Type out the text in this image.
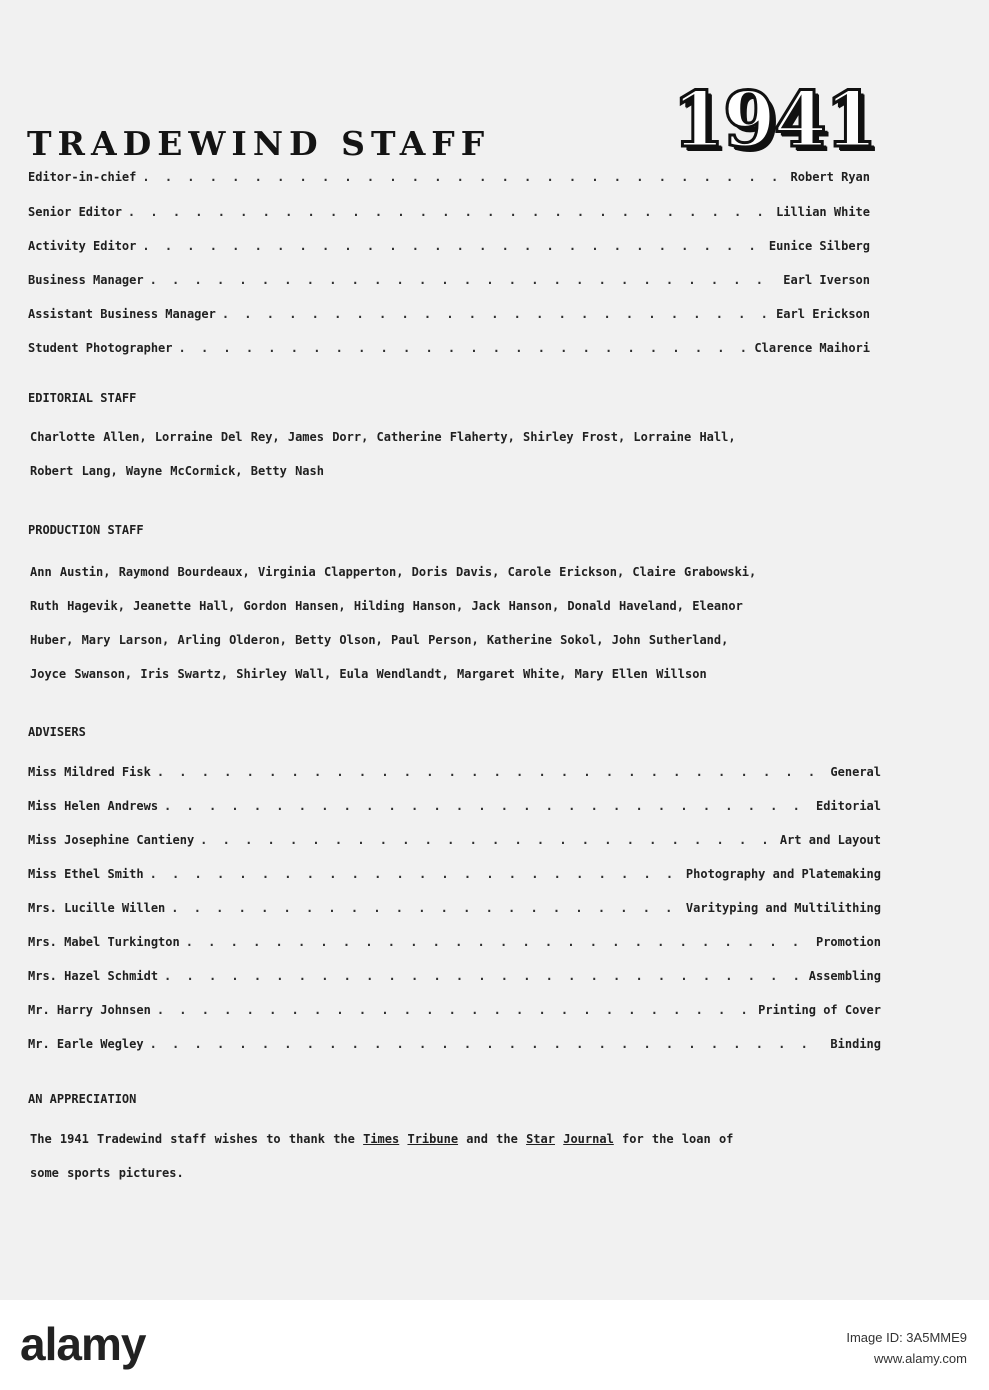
TRADEWIND STAFF 1941
Editor-in-chief . . .	Robert Ryan
Senior Editor . . .	Lillian White
Activity Editor . . .	Eunice Silberg
Business Manager . . .	Earl Iverson
Assistant Business Manager . . .	Earl Erickson
Student Photographer . . .	Clarence Maihori
EDITORIAL STAFF

Charlotte Allen, Lorraine Del Rey, James Dorr, Catherine Flaherty, Shirley Frost, Lorraine Hall,

Robert Lang, Wayne McCormick, Betty Nash

PRODUCTION STAFF

Ann Austin, Raymond Bourdeaux, Virginia Clapperton, Doris Davis, Carole Erickson, Claire Grabowski,

Ruth Hagevik, Jeanette Hall, Gordon Hansen, Hilding Hanson, Jack Hanson, Donald Haveland, Eleanor

Huber, Mary Larson, Arling Olderon, Betty Olson, Paul Person, Katherine Sokol, John Sutherland,

Joyce Swanson, Iris Swartz, Shirley Wall, Eula Wendlandt, Margaret White, Mary Ellen Willson

ADVISERS
Miss Mildred Fisk . . .	General
Miss Helen Andrews . . .	Editorial
Miss Josephine Cantieny . . .	Art and Layout
Miss Ethel Smith . . .	Photography and Platemaking
Mrs. Lucille Willen . . .	Varityping and Multilithing
Mrs. Mabel Turkington . . .	Promotion
Mrs. Hazel Schmidt . . .	Assembling
Mr. Harry Johnsen . . .	Printing of Cover
Mr. Earle Wegley . . .	Binding
AN APPRECIATION

The 1941 Tradewind staff wishes to thank the Times Tribune and the Star Journal for the loan of

some sports pictures.

alamy	Image ID: 3A5MME9
www.alamy.com
